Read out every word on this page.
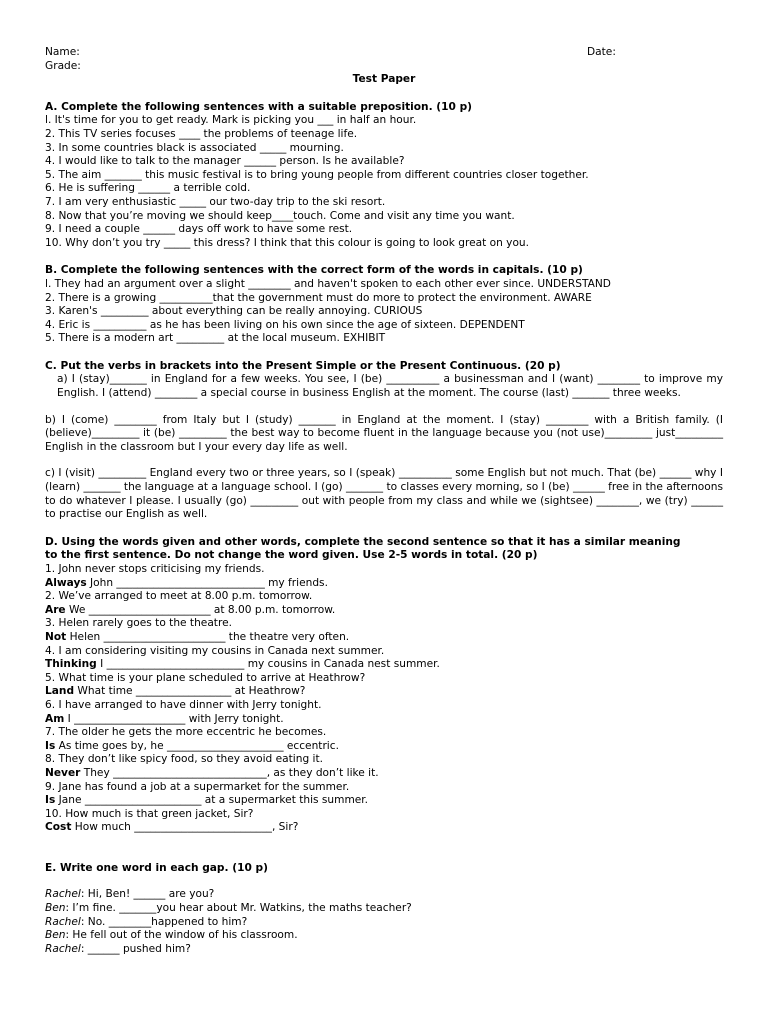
Name:	Date:
Grade:
Test Paper
A. Complete the following sentences with a suitable preposition. (10 p)
l. It's time for you to get ready. Mark is picking you ___ in half an hour.
2. This TV series focuses ____ the problems of teenage life.
3. In some countries black is associated _____ mourning.
4. I would like to talk to the manager ______ person. Is he available?
5. The aim _______ this music festival is to bring young people from different countries closer together.
6. He is suffering ______ a terrible cold.
7. I am very enthusiastic _____ our two-day trip to the ski resort.
8. Now that you’re moving we should keep____touch. Come and visit any time you want.
9. I need a couple ______ days off work to have some rest.
10. Why don’t you try _____ this dress? I think that this colour is going to look great on you.
B. Complete the following sentences with the correct form of the words in capitals. (10 p)
l. They had an argument over a slight ________ and haven't spoken to each other ever since. UNDERSTAND
2. There is a growing __________that the government must do more to protect the environment. AWARE
3. Karen's _________ about everything can be really annoying. CURIOUS
4. Eric is __________ as he has been living on his own since the age of sixteen. DEPENDENT
5. There is a modern art _________ at the local museum. EXHIBIT
C. Put the verbs in brackets into the Present Simple or the Present Continuous. (20 p)
a) I (stay)_______ in England for a few weeks. You see, I (be) __________ a businessman and I (want) ________ to improve my English. I (attend) ________ a special course in business English at the moment. The course (last) _______ three weeks.
b) I (come) ________ from Italy but I (study) _______ in England at the moment. I (stay) ________ with a British family. (I (believe)_________ it (be) _________ the best way to become fluent in the language because you (not use)_________ just_________ English in the classroom but I your every day life as well.
c) I (visit) _________ England every two or three years, so I (speak) __________ some English but not much. That (be) ______ why I (learn) _______ the language at a language school. I (go) _______ to classes every morning, so I (be) ______ free in the afternoons to do whatever I please. I usually (go) _________ out with people from my class and while we (sightsee) ________, we (try) ______ to practise our English as well.
D. Using the words given and other words, complete the second sentence so that it has a similar meaning
to the first sentence. Do not change the word given. Use 2-5 words in total. (20 p)
1. John never stops criticising my friends.
Always John ____________________________ my friends.
2. We’ve arranged to meet at 8.00 p.m. tomorrow.
Are We _______________________ at 8.00 p.m. tomorrow.
3. Helen rarely goes to the theatre.
Not Helen _______________________ the theatre very often.
4. I am considering visiting my cousins in Canada next summer.
Thinking I __________________________ my cousins in Canada nest summer.
5. What time is your plane scheduled to arrive at Heathrow?
Land What time __________________ at Heathrow?
6. I have arranged to have dinner with Jerry tonight.
Am I _____________________ with Jerry tonight.
7. The older he gets the more eccentric he becomes.
Is As time goes by, he ______________________ eccentric.
8. They don’t like spicy food, so they avoid eating it.
Never They _____________________________, as they don’t like it.
9. Jane has found a job at a supermarket for the summer.
Is Jane ______________________ at a supermarket this summer.
10. How much is that green jacket, Sir?
Cost How much __________________________, Sir?
E. Write one word in each gap. (10 p)
Rachel: Hi, Ben! ______ are you?
Ben: I’m fine. _______you hear about Mr. Watkins, the maths teacher?
Rachel: No. ________happened to him?
Ben: He fell out of the window of his classroom.
Rachel: ______ pushed him?
